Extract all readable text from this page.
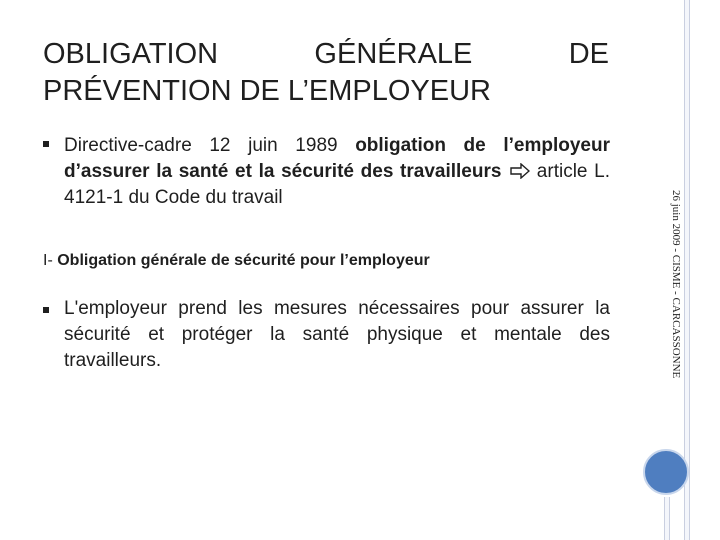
OBLIGATION GÉNÉRALE DE
PRÉVENTION DE L’EMPLOYEUR
Directive-cadre 12 juin 1989 obligation de l’employeur d’assurer la santé et la sécurité des travailleurs article L. 4121-1 du Code du travail
I- Obligation générale de sécurité pour l’employeur
L'employeur prend les mesures nécessaires pour assurer la sécurité et protéger la santé physique et mentale des travailleurs.	26 juin 2009 - CISME - CARCASSONNE
